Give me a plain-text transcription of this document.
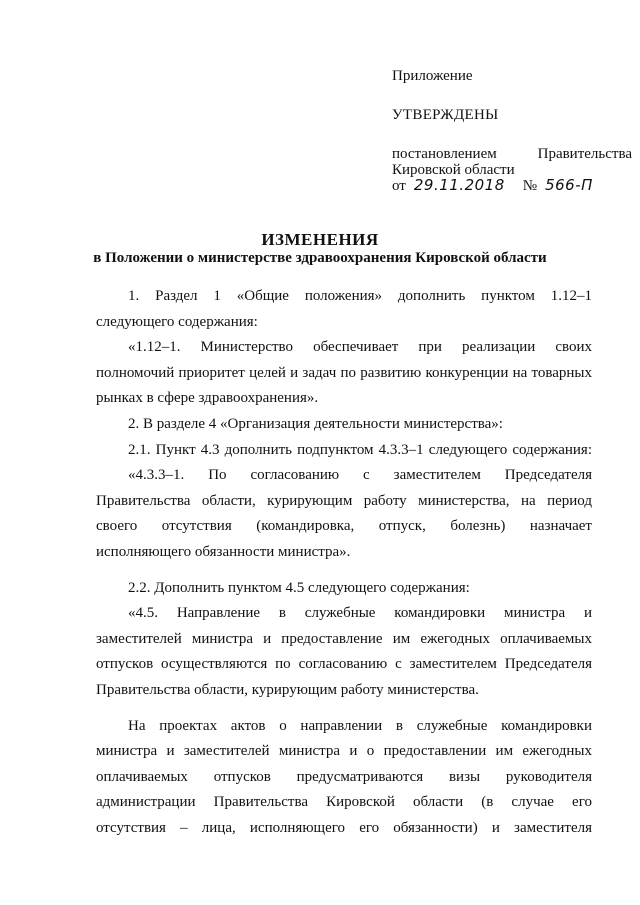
Приложение
УТВЕРЖДЕНЫ
постановлением Правительства
Кировской области
от 29.11.2018 № 566-П
ИЗМЕНЕНИЯ
в Положении о министерстве здравоохранения Кировской области
1. Раздел 1 «Общие положения» дополнить пунктом 1.12–1
следующего содержания:
«1.12–1. Министерство обеспечивает при реализации своих
полномочий приоритет целей и задач по развитию конкуренции на товарных
рынках в сфере здравоохранения».
2. В разделе 4 «Организация деятельности министерства»:
2.1. Пункт 4.3 дополнить подпунктом 4.3.3–1 следующего содержания:
«4.3.3–1. По согласованию с заместителем Председателя
Правительства области, курирующим работу министерства, на период
своего отсутствия (командировка, отпуск, болезнь) назначает
исполняющего обязанности министра».
2.2. Дополнить пунктом 4.5 следующего содержания:
«4.5. Направление в служебные командировки министра и
заместителей министра и предоставление им ежегодных оплачиваемых
отпусков осуществляются по согласованию с заместителем Председателя
Правительства области, курирующим работу министерства.
На проектах актов о направлении в служебные командировки
министра и заместителей министра и о предоставлении им ежегодных
оплачиваемых отпусков предусматриваются визы руководителя
администрации Правительства Кировской области (в случае его
отсутствия – лица, исполняющего его обязанности) и заместителя
